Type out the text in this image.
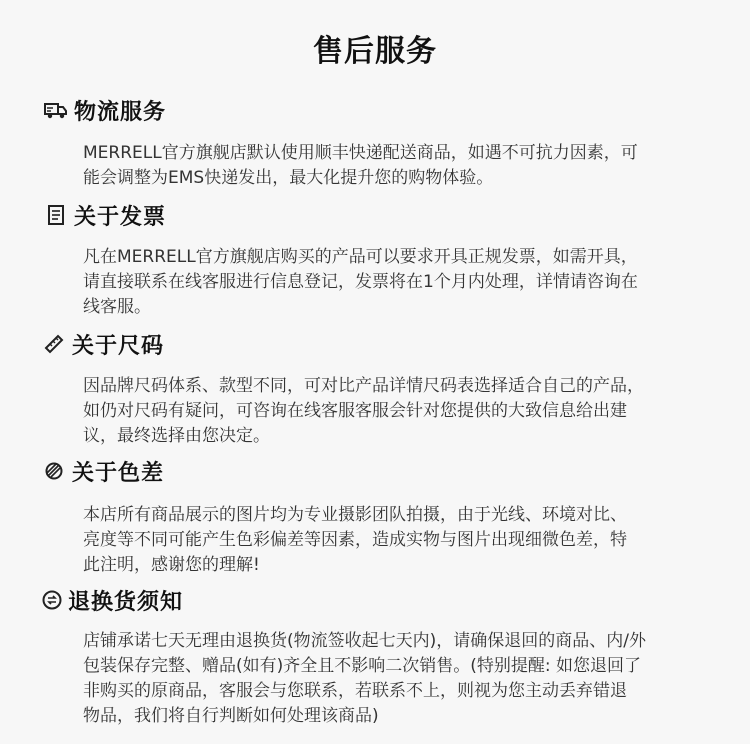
售后服务
物流服务
MERRELL官方旗舰店默认使用顺丰快递配送商品，如遇不可抗力因素，可
能会调整为EMS快递发出，最大化提升您的购物体验。
关于发票
凡在MERRELL官方旗舰店购买的产品可以要求开具正规发票，如需开具，
请直接联系在线客服进行信息登记，发票将在1个月内处理，详情请咨询在
线客服。
关于尺码
因品牌尺码体系、款型不同，可对比产品详情尺码表选择适合自己的产品，
如仍对尺码有疑问，可咨询在线客服客服会针对您提供的大致信息给出建
议，最终选择由您决定。
关于色差
本店所有商品展示的图片均为专业摄影团队拍摄，由于光线、环境对比、
亮度等不同可能产生色彩偏差等因素，造成实物与图片出现细微色差，特
此注明，感谢您的理解!
退换货须知
店铺承诺七天无理由退换货(物流签收起七天内)，请确保退回的商品、内/外
包装保存完整、赠品(如有)齐全且不影响二次销售。(特别提醒: 如您退回了
非购买的原商品，客服会与您联系，若联系不上，则视为您主动丢弃错退
物品，我们将自行判断如何处理该商品)
